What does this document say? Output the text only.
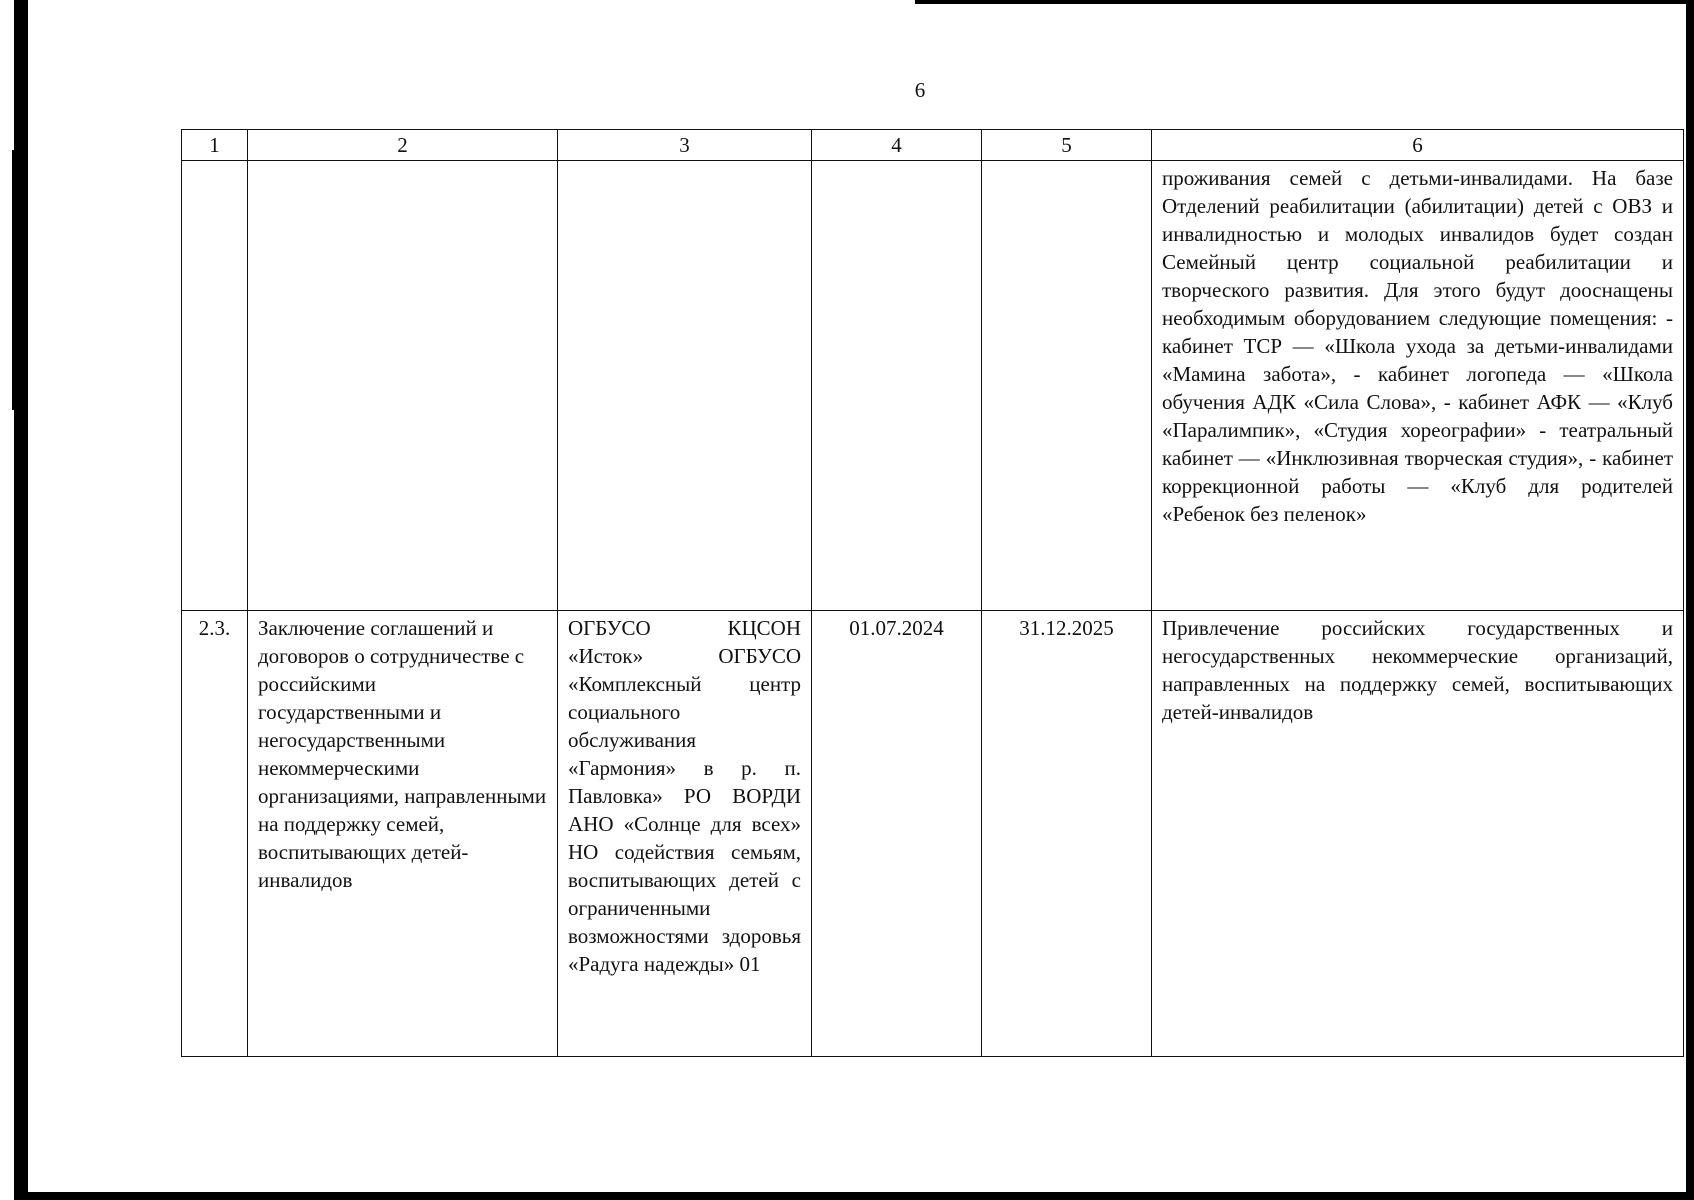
6
1	2	3	4	5	6
					проживания семей с детьми-инвалидами. На базе Отделений реабилитации (абилитации) детей с ОВЗ и инвалидностью и молодых инвалидов будет создан Семейный центр социальной реабилитации и творческого развития. Для этого будут дооснащены необходимым оборудованием следующие помещения: - кабинет ТСР — «Школа ухода за детьми-инвалидами «Мамина забота», - кабинет логопеда — «Школа обучения АДК «Сила Слова», - кабинет АФК — «Клуб «Паралимпик», «Студия хореографии» - театральный кабинет — «Инклюзивная творческая студия», - кабинет коррекционной работы — «Клуб для родителей «Ребенок без пеленок»
2.3.	Заключение соглашений и договоров о сотрудничестве с российскими государственными и негосударственными некоммерческими организациями, направленными на поддержку семей, воспитывающих детей-инвалидов	ОГБУСО КЦСОН «Исток» ОГБУСО «Комплексный центр социального обслуживания «Гармония» в р. п. Павловка» РО ВОРДИ АНО «Солнце для всех» НО содействия семьям, воспитывающих детей с ограниченными возможностями здоровья «Радуга надежды» 01	01.07.2024	31.12.2025	Привлечение российских государственных и негосударственных некоммерческие организаций, направленных на поддержку семей, воспитывающих детей-инвалидов
